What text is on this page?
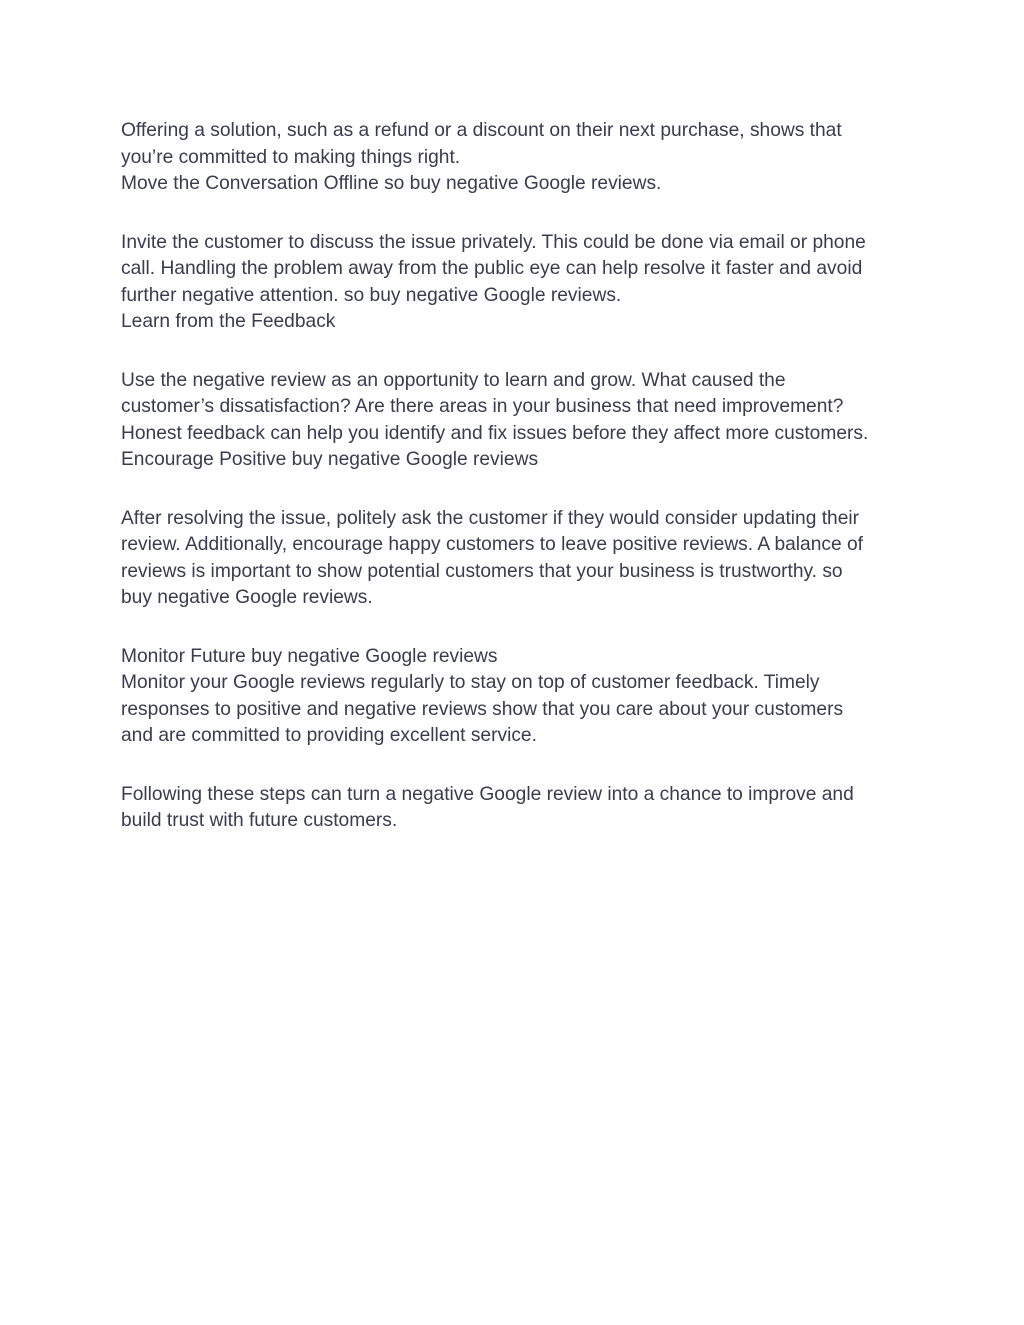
Offering a solution, such as a refund or a discount on their next purchase, shows that
you’re committed to making things right.
Move the Conversation Offline so buy negative Google reviews.

Invite the customer to discuss the issue privately. This could be done via email or phone
call. Handling the problem away from the public eye can help resolve it faster and avoid
further negative attention. so buy negative Google reviews.
Learn from the Feedback

Use the negative review as an opportunity to learn and grow. What caused the
customer’s dissatisfaction? Are there areas in your business that need improvement?
Honest feedback can help you identify and fix issues before they affect more customers.
Encourage Positive buy negative Google reviews

After resolving the issue, politely ask the customer if they would consider updating their
review. Additionally, encourage happy customers to leave positive reviews. A balance of
reviews is important to show potential customers that your business is trustworthy. so
buy negative Google reviews.

Monitor Future buy negative Google reviews
Monitor your Google reviews regularly to stay on top of customer feedback. Timely
responses to positive and negative reviews show that you care about your customers
and are committed to providing excellent service.

Following these steps can turn a negative Google review into a chance to improve and
build trust with future customers.
